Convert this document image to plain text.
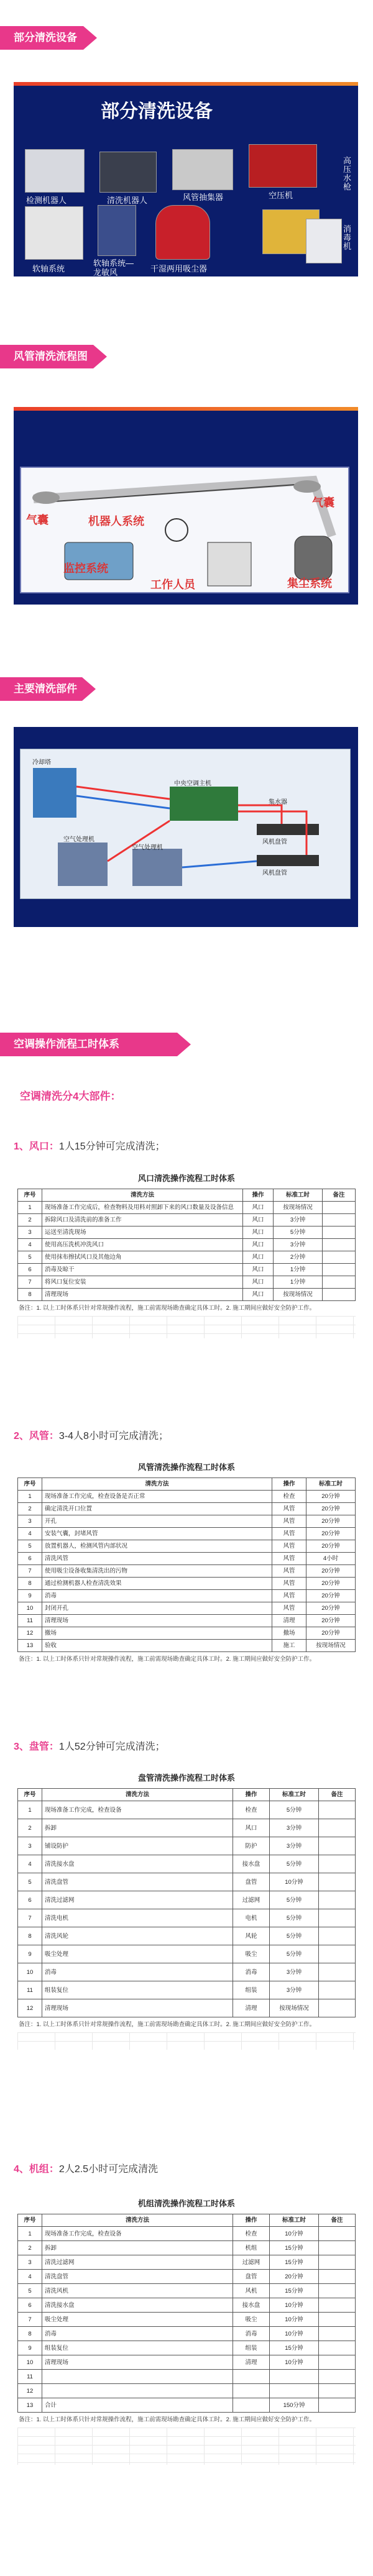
部分清洗设备
部分清洗设备
检测机器人	清洗机器人	风管抽集器	空压机
高压水枪
软轴系统
软轴系统—龙敏风	干湿两用吸尘器
消毒机
风管清洗流程图
气囊	机器人系统
监控系统
工作人员	集尘系统
气囊
主要清洗部件
冷却塔
空气处理机
中央空调主机
集水器
风机盘管
风机盘管
空气处理机
空调操作流程工时体系
空调清洗分4大部件：
1、风口：1人15分钟可完成清洗；
风口清洗操作流程工时体系
序号	清洗方法	操作	标准工时	备注
1	现场准备工作完成后，检查物料及用料对照卸下来的风口数量及设备信息	风口	按现场情况	
2	拆除风口及清洗前的准备工作	风口	3分钟	
3	运送至清洗现场	风口	5分钟	
4	使用高压洗机冲洗风口	风口	3分钟	
5	使用抹布擦拭风口及其他边角	风口	2分钟	
6	消毒及晾干	风口	1分钟	
7	将风口复位安装	风口	1分钟	
8	清理现场	风口	按现场情况	
备注：1. 以上工时体系只针对常规操作流程，施工前需现场勘查确定具体工时。2. 施工期间应做好安全防护工作。
2、风管：3-4人8小时可完成清洗；
风管清洗操作流程工时体系
序号	清洗方法	操作	标准工时
1	现场准备工作完成，检查设备是否正常	检查	20分钟
2	确定清洗开口位置	风管	20分钟
3	开孔	风管	20分钟
4	安装气囊，封堵风管	风管	20分钟
5	放置机器人，检测风管内部状况	风管	20分钟
6	清洗风管	风管	4小时
7	使用吸尘设备收集清洗出的污物	风管	20分钟
8	通过检测机器人检查清洗效果	风管	20分钟
9	消毒	风管	20分钟
10	封闭开孔	风管	20分钟
11	清理现场	清理	20分钟
12	撤场	撤场	20分钟
13	验收	施工	按现场情况
备注：1. 以上工时体系只针对常规操作流程，施工前需现场勘查确定具体工时。2. 施工期间应做好安全防护工作。
3、盘管：1人52分钟可完成清洗；
盘管清洗操作流程工时体系
序号	清洗方法	操作	标准工时	备注
1	现场准备工作完成，检查设备	检查	5分钟	
2	拆卸	风口	3分钟	
3	铺设防护	防护	3分钟	
4	清洗接水盘	接水盘	5分钟	
5	清洗盘管	盘管	10分钟	
6	清洗过滤网	过滤网	5分钟	
7	清洗电机	电机	5分钟	
8	清洗风轮	风轮	5分钟	
9	吸尘处理	吸尘	5分钟	
10	消毒	消毒	3分钟	
11	组装复位	组装	3分钟	
12	清理现场	清理	按现场情况	
备注：1. 以上工时体系只针对常规操作流程，施工前需现场勘查确定具体工时。2. 施工期间应做好安全防护工作。
4、机组：2人2.5小时可完成清洗
机组清洗操作流程工时体系
序号	清洗方法	操作	标准工时	备注
1	现场准备工作完成，检查设备	检查	10分钟	
2	拆卸	机组	15分钟	
3	清洗过滤网	过滤网	15分钟	
4	清洗盘管	盘管	20分钟	
5	清洗风机	风机	15分钟	
6	清洗接水盘	接水盘	10分钟	
7	吸尘处理	吸尘	10分钟	
8	消毒	消毒	10分钟	
9	组装复位	组装	15分钟	
10	清理现场	清理	10分钟	
11				
12				
13	合计		150分钟	
备注：1. 以上工时体系只针对常规操作流程，施工前需现场勘查确定具体工时。2. 施工期间应做好安全防护工作。
